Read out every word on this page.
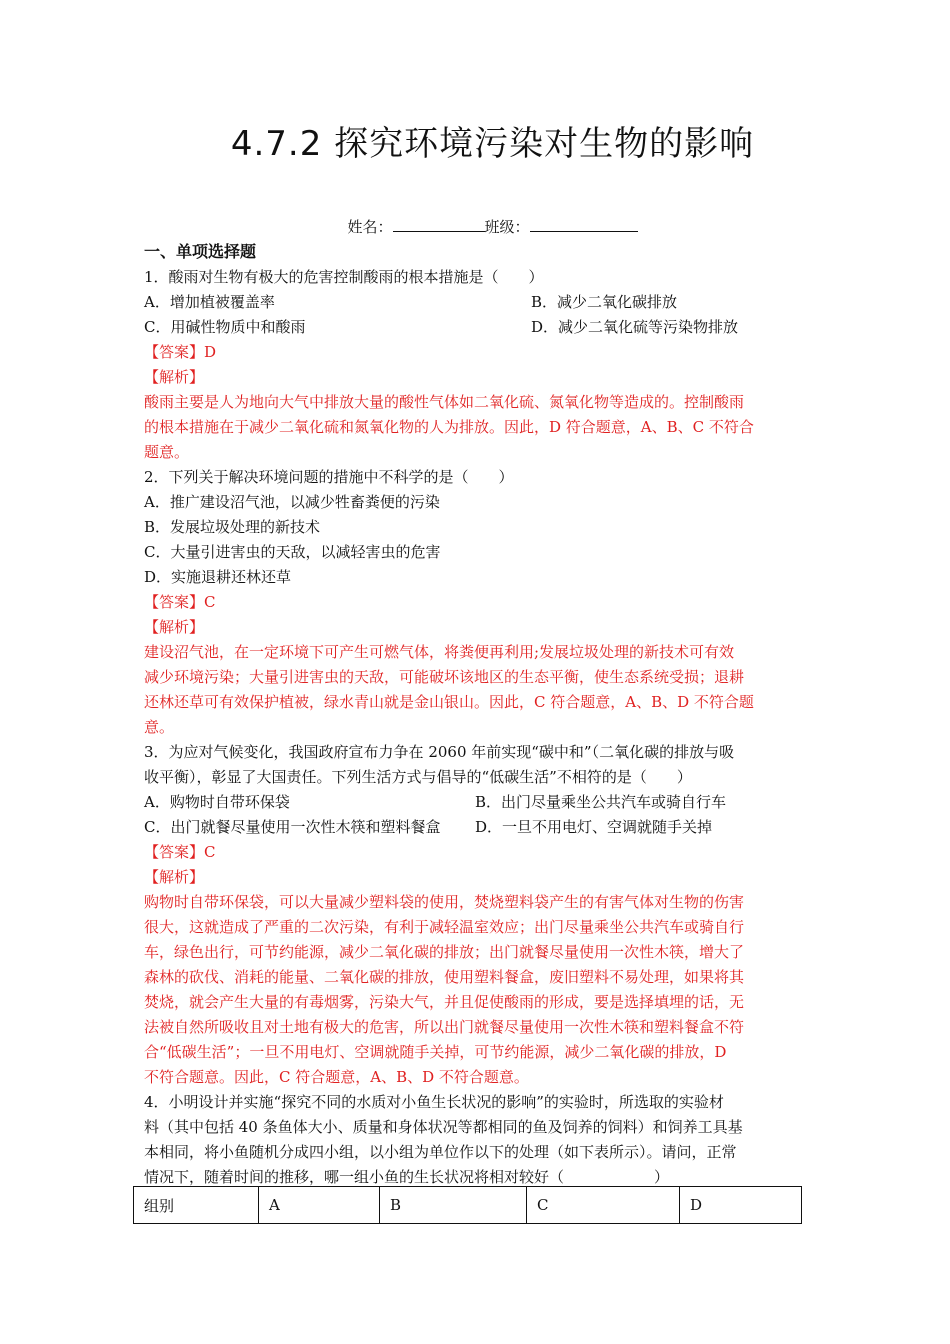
4.7.2 探究环境污染对生物的影响
姓名：	班级：
一、单项选择题
1．酸雨对生物有极大的危害控制酸雨的根本措施是（　　）
A．增加植被覆盖率	B．减少二氧化碳排放
C．用碱性物质中和酸雨	D．减少二氧化硫等污染物排放
【答案】D
【解析】
酸雨主要是人为地向大气中排放大量的酸性气体如二氧化硫、氮氧化物等造成的。控制酸雨
的根本措施在于减少二氧化硫和氮氧化物的人为排放。因此，D 符合题意，A、B、C 不符合
题意。
2．下列关于解决环境问题的措施中不科学的是（　　）
A．推广建设沼气池，以减少牲畜粪便的污染
B．发展垃圾处理的新技术
C．大量引进害虫的天敌，以减轻害虫的危害
D．实施退耕还林还草
【答案】C
【解析】
建设沼气池，在一定环境下可产生可燃气体，将粪便再利用;发展垃圾处理的新技术可有效
减少环境污染；大量引进害虫的天敌，可能破坏该地区的生态平衡，使生态系统受损；退耕
还林还草可有效保护植被，绿水青山就是金山银山。因此，C 符合题意，A、B、D 不符合题
意。
3．为应对气候变化，我国政府宣布力争在 2060 年前实现“碳中和”（二氧化碳的排放与吸
收平衡），彰显了大国责任。下列生活方式与倡导的“低碳生活”不相符的是（　　）
A．购物时自带环保袋	B．出门尽量乘坐公共汽车或骑自行车
C．出门就餐尽量使用一次性木筷和塑料餐盒 D．一旦不用电灯、空调就随手关掉
【答案】C
【解析】
购物时自带环保袋，可以大量减少塑料袋的使用，焚烧塑料袋产生的有害气体对生物的伤害
很大，这就造成了严重的二次污染，有利于减轻温室效应；出门尽量乘坐公共汽车或骑自行
车，绿色出行，可节约能源，减少二氧化碳的排放；出门就餐尽量使用一次性木筷，增大了
森林的砍伐、消耗的能量、二氧化碳的排放，使用塑料餐盒，废旧塑料不易处理，如果将其
焚烧，就会产生大量的有毒烟雾，污染大气，并且促使酸雨的形成，要是选择填埋的话，无
法被自然所吸收且对土地有极大的危害，所以出门就餐尽量使用一次性木筷和塑料餐盒不符
合“低碳生活”；一旦不用电灯、空调就随手关掉，可节约能源，减少二氧化碳的排放，D
不符合题意。因此，C 符合题意，A、B、D 不符合题意。
4．小明设计并实施“探究不同的水质对小鱼生长状况的影响”的实验时，所选取的实验材
料（其中包括 40 条鱼体大小、质量和身体状况等都相同的鱼及饲养的饲料）和饲养工具基
本相同，将小鱼随机分成四小组，以小组为单位作以下的处理（如下表所示）。请问，正常
情况下，随着时间的推移，哪一组小鱼的生长状况将相对较好（　　　　　　）
组别	A	B	C	D
